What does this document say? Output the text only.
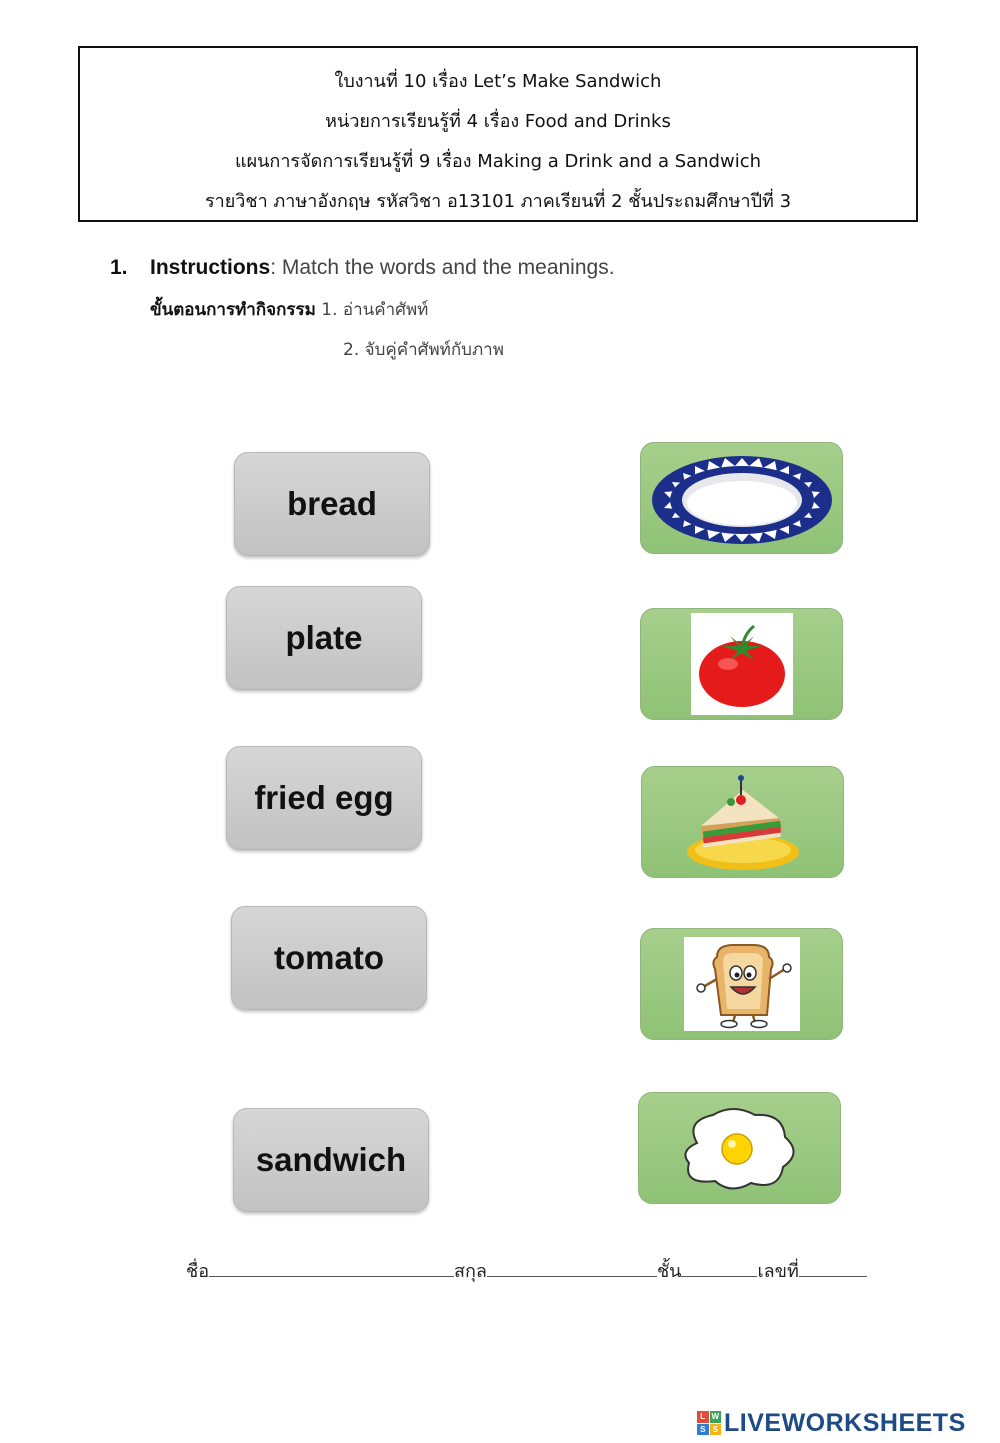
ใบงานที่ 10 เรื่อง Let’s Make Sandwich
หน่วยการเรียนรู้ที่ 4 เรื่อง Food and Drinks
แผนการจัดการเรียนรู้ที่ 9 เรื่อง Making a Drink and a Sandwich
รายวิชา ภาษาอังกฤษ รหัสวิชา อ13101 ภาคเรียนที่ 2 ชั้นประถมศึกษาปีที่ 3
1. Instructions: Match the words and the meanings.
ขั้นตอนการทำกิจกรรม 1. อ่านคำศัพท์
2. จับคู่คำศัพท์กับภาพ
bread
plate
fried egg
tomato
sandwich
ชื่อ	สกุล	ชั้น	เลขที่
L W
S S LIVEWORKSHEETS
